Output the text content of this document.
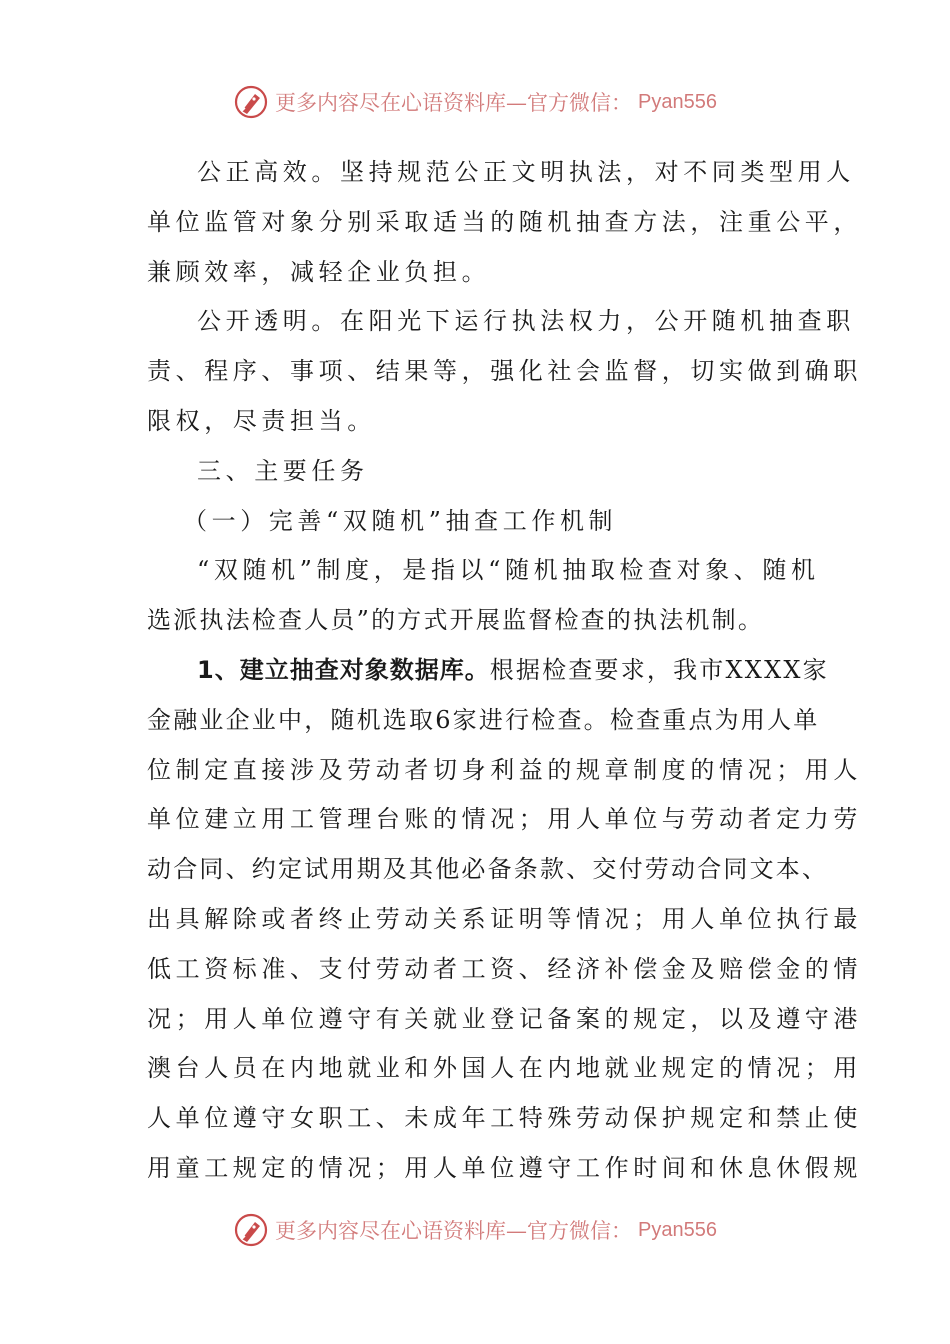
更多内容尽在心语资料库—官方微信： Pyan556
公正高效。坚持规范公正文明执法，对不同类型用人
单位监管对象分别采取适当的随机抽查方法，注重公平，
兼顾效率，减轻企业负担。
公开透明。在阳光下运行执法权力，公开随机抽查职
责、程序、事项、结果等，强化社会监督，切实做到确职
限权，尽责担当。
三、主要任务
（一）完善“双随机”抽查工作机制
“双随机”制度，是指以“随机抽取检查对象、随机
选派执法检查人员”的方式开展监督检查的执法机制。
1、建立抽查对象数据库。根据检查要求，我市XXXX家
金融业企业中，随机选取6家进行检查。检查重点为用人单
位制定直接涉及劳动者切身利益的规章制度的情况；用人
单位建立用工管理台账的情况；用人单位与劳动者定力劳
动合同、约定试用期及其他必备条款、交付劳动合同文本、
出具解除或者终止劳动关系证明等情况；用人单位执行最
低工资标准、支付劳动者工资、经济补偿金及赔偿金的情
况；用人单位遵守有关就业登记备案的规定，以及遵守港
澳台人员在内地就业和外国人在内地就业规定的情况；用
人单位遵守女职工、未成年工特殊劳动保护规定和禁止使
用童工规定的情况；用人单位遵守工作时间和休息休假规
更多内容尽在心语资料库—官方微信： Pyan556
